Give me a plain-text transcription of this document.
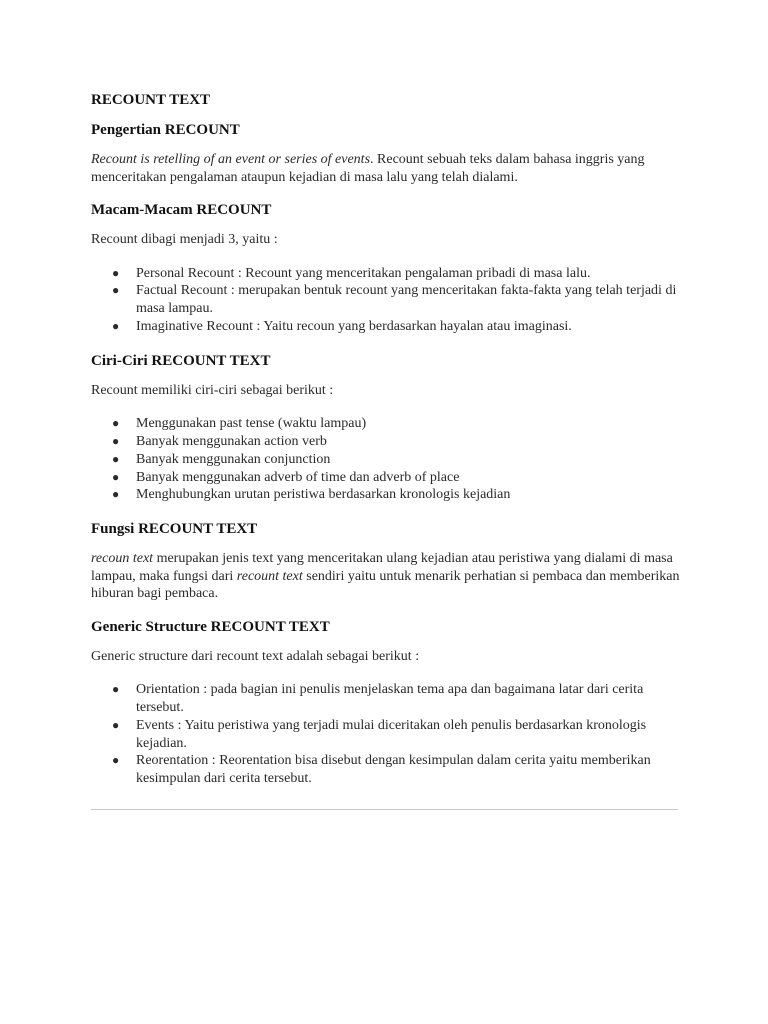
RECOUNT TEXT
Pengertian RECOUNT

Recount is retelling of an event or series of events. Recount sebuah teks dalam bahasa inggris yang menceritakan pengalaman ataupun kejadian di masa lalu yang telah dialami.

Macam-Macam RECOUNT

Recount dibagi menjadi 3, yaitu :

● Personal Recount : Recount yang menceritakan pengalaman pribadi di masa lalu.
● Factual Recount : merupakan bentuk recount yang menceritakan fakta-fakta yang telah terjadi di masa lampau.
● Imaginative Recount : Yaitu recoun yang berdasarkan hayalan atau imaginasi.
Ciri-Ciri RECOUNT TEXT

Recount memiliki ciri-ciri sebagai berikut :

● Menggunakan past tense (waktu lampau)
● Banyak menggunakan action verb
● Banyak menggunakan conjunction
● Banyak menggunakan adverb of time dan adverb of place
● Menghubungkan urutan peristiwa berdasarkan kronologis kejadian
Fungsi RECOUNT TEXT

recoun text merupakan jenis text yang menceritakan ulang kejadian atau peristiwa yang dialami di masa lampau, maka fungsi dari recount text sendiri yaitu untuk menarik perhatian si pembaca dan memberikan hiburan bagi pembaca.

Generic Structure RECOUNT TEXT

Generic structure dari recount text adalah sebagai berikut :

● Orientation : pada bagian ini penulis menjelaskan tema apa dan bagaimana latar dari cerita tersebut.
● Events : Yaitu peristiwa yang terjadi mulai diceritakan oleh penulis berdasarkan kronologis kejadian.
● Reorentation : Reorentation bisa disebut dengan kesimpulan dalam cerita yaitu memberikan kesimpulan dari cerita tersebut.
